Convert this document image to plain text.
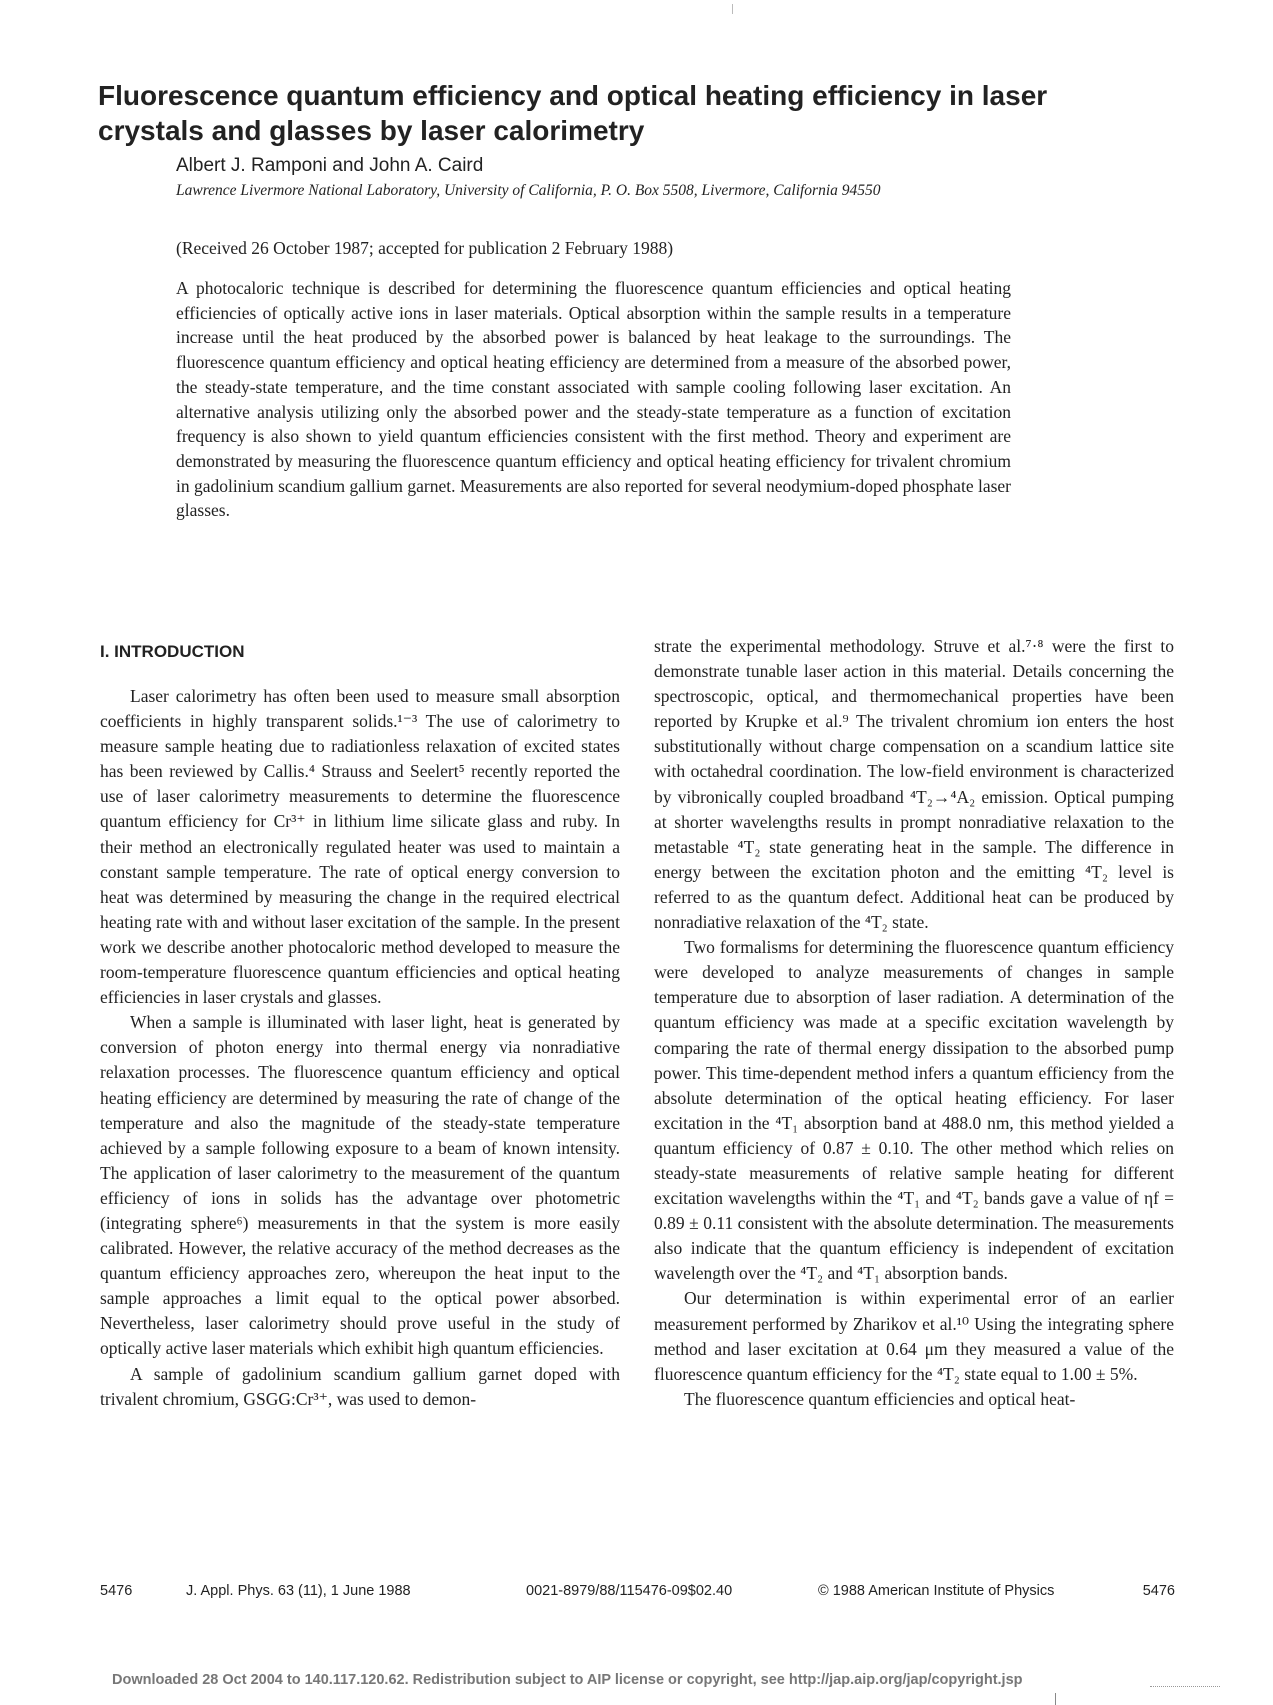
Fluorescence quantum efficiency and optical heating efficiency in laser crystals and glasses by laser calorimetry
Albert J. Ramponi and John A. Caird
Lawrence Livermore National Laboratory, University of California, P. O. Box 5508, Livermore, California 94550
(Received 26 October 1987; accepted for publication 2 February 1988)

A photocaloric technique is described for determining the fluorescence quantum efficiencies and optical heating efficiencies of optically active ions in laser materials. Optical absorption within the sample results in a temperature increase until the heat produced by the absorbed power is balanced by heat leakage to the surroundings. The fluorescence quantum efficiency and optical heating efficiency are determined from a measure of the absorbed power, the steady-state temperature, and the time constant associated with sample cooling following laser excitation. An alternative analysis utilizing only the absorbed power and the steady-state temperature as a function of excitation frequency is also shown to yield quantum efficiencies consistent with the first method. Theory and experiment are demonstrated by measuring the fluorescence quantum efficiency and optical heating efficiency for trivalent chromium in gadolinium scandium gallium garnet. Measurements are also reported for several neodymium-doped phosphate laser glasses.

I. INTRODUCTION

Laser calorimetry has often been used to measure small absorption coefficients in highly transparent solids.¹⁻³ The use of calorimetry to measure sample heating due to radiationless relaxation of excited states has been reviewed by Callis.⁴ Strauss and Seelert⁵ recently reported the use of laser calorimetry measurements to determine the fluorescence quantum efficiency for Cr³⁺ in lithium lime silicate glass and ruby. In their method an electronically regulated heater was used to maintain a constant sample temperature. The rate of optical energy conversion to heat was determined by measuring the change in the required electrical heating rate with and without laser excitation of the sample. In the present work we describe another photocaloric method developed to measure the room-temperature fluorescence quantum efficiencies and optical heating efficiencies in laser crystals and glasses.

When a sample is illuminated with laser light, heat is generated by conversion of photon energy into thermal energy via nonradiative relaxation processes. The fluorescence quantum efficiency and optical heating efficiency are determined by measuring the rate of change of the temperature and also the magnitude of the steady-state temperature achieved by a sample following exposure to a beam of known intensity. The application of laser calorimetry to the measurement of the quantum efficiency of ions in solids has the advantage over photometric (integrating sphere⁶) measurements in that the system is more easily calibrated. However, the relative accuracy of the method decreases as the quantum efficiency approaches zero, whereupon the heat input to the sample approaches a limit equal to the optical power absorbed. Nevertheless, laser calorimetry should prove useful in the study of optically active laser materials which exhibit high quantum efficiencies.

A sample of gadolinium scandium gallium garnet doped with trivalent chromium, GSGG:Cr³⁺, was used to demon-

strate the experimental methodology. Struve et al.⁷·⁸ were the first to demonstrate tunable laser action in this material. Details concerning the spectroscopic, optical, and thermomechanical properties have been reported by Krupke et al.⁹ The trivalent chromium ion enters the host substitutionally without charge compensation on a scandium lattice site with octahedral coordination. The low-field environment is characterized by vibronically coupled broadband ⁴T₂→⁴A₂ emission. Optical pumping at shorter wavelengths results in prompt nonradiative relaxation to the metastable ⁴T₂ state generating heat in the sample. The difference in energy between the excitation photon and the emitting ⁴T₂ level is referred to as the quantum defect. Additional heat can be produced by nonradiative relaxation of the ⁴T₂ state.

Two formalisms for determining the fluorescence quantum efficiency were developed to analyze measurements of changes in sample temperature due to absorption of laser radiation. A determination of the quantum efficiency was made at a specific excitation wavelength by comparing the rate of thermal energy dissipation to the absorbed pump power. This time-dependent method infers a quantum efficiency from the absolute determination of the optical heating efficiency. For laser excitation in the ⁴T₁ absorption band at 488.0 nm, this method yielded a quantum efficiency of 0.87 ± 0.10. The other method which relies on steady-state measurements of relative sample heating for different excitation wavelengths within the ⁴T₁ and ⁴T₂ bands gave a value of ηf = 0.89 ± 0.11 consistent with the absolute determination. The measurements also indicate that the quantum efficiency is independent of excitation wavelength over the ⁴T₂ and ⁴T₁ absorption bands.

Our determination is within experimental error of an earlier measurement performed by Zharikov et al.¹⁰ Using the integrating sphere method and laser excitation at 0.64 μm they measured a value of the fluorescence quantum efficiency for the ⁴T₂ state equal to 1.00 ± 5%.

The fluorescence quantum efficiencies and optical heat-

5476	J. Appl. Phys. 63 (11), 1 June 1988	0021-8979/88/115476-09$02.40	© 1988 American Institute of Physics	5476
Downloaded 28 Oct 2004 to 140.117.120.62. Redistribution subject to AIP license or copyright, see http://jap.aip.org/jap/copyright.jsp
